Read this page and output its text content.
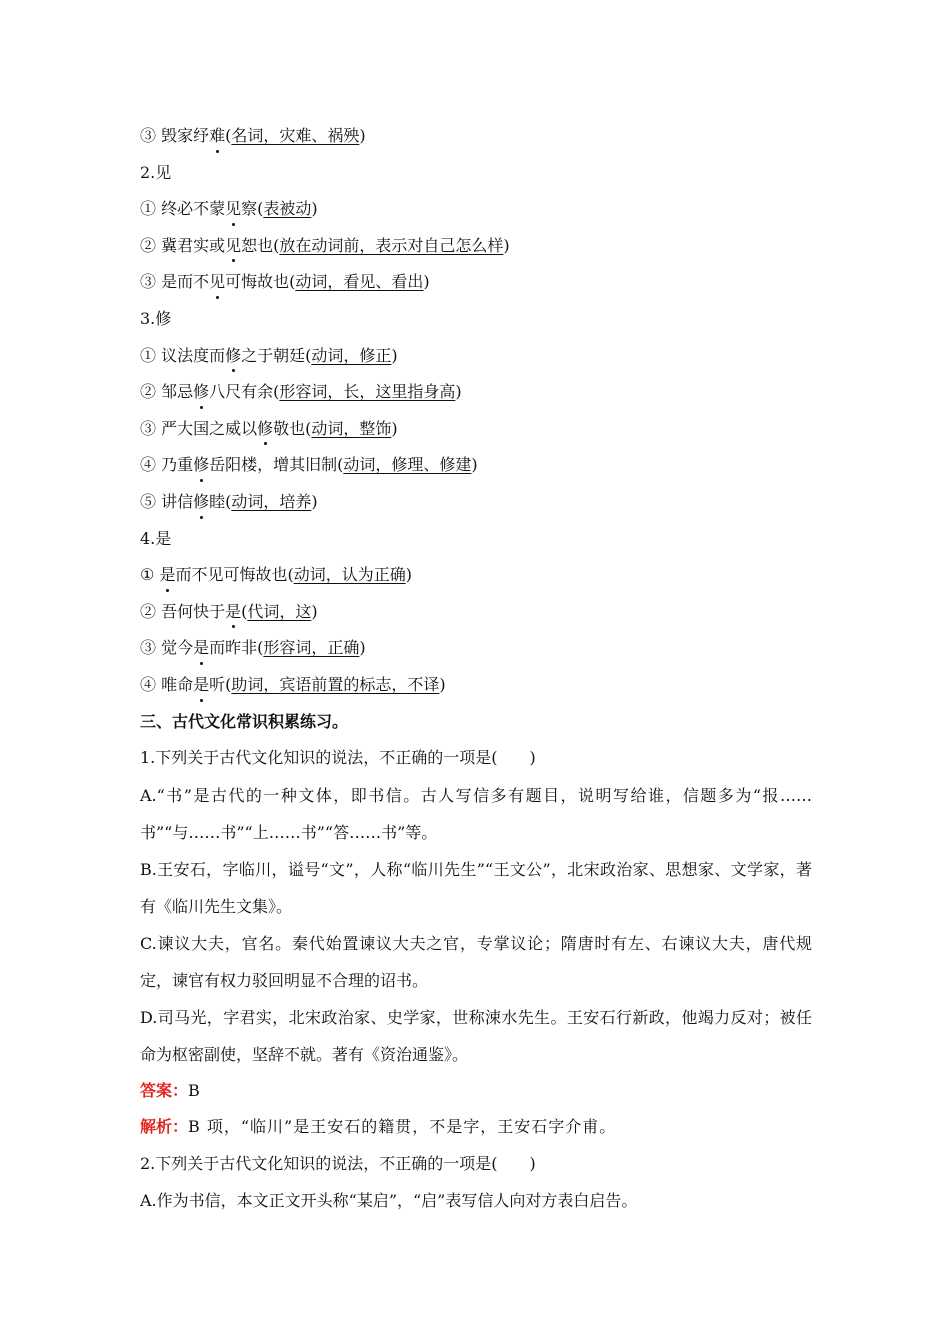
③ 毁家纾难(名词，灾难、祸殃)
2.见
① 终必不蒙见察(表被动)
② 冀君实或见恕也(放在动词前，表示对自己怎么样)
③ 是而不见可悔故也(动词，看见、看出)
3.修
① 议法度而修之于朝廷(动词，修正)
② 邹忌修八尺有余(形容词，长，这里指身高)
③ 严大国之威以修敬也(动词，整饰)
④ 乃重修岳阳楼，增其旧制(动词，修理、修建)
⑤ 讲信修睦(动词，培养)
4.是
① 是而不见可悔故也(动词，认为正确)
② 吾何快于是(代词，这)
③ 觉今是而昨非(形容词，正确)
④ 唯命是听(助词，宾语前置的标志，不译)
三、古代文化常识积累练习。
1.下列关于古代文化知识的说法，不正确的一项是(　　)

A.“书”是古代的一种文体，即书信。古人写信多有题目，说明写给谁，信题多为“报……书”“与……书”“上……书”“答……书”等。

B.王安石，字临川，谥号“文”，人称“临川先生”“王文公”，北宋政治家、思想家、文学家，著有《临川先生文集》。

C.谏议大夫，官名。秦代始置谏议大夫之官，专掌议论；隋唐时有左、右谏议大夫，唐代规定，谏官有权力驳回明显不合理的诏书。

D.司马光，字君实，北宋政治家、史学家，世称涑水先生。王安石行新政，他竭力反对；被任命为枢密副使，坚辞不就。著有《资治通鉴》。

答案：B
解析：B 项，“临川”是王安石的籍贯，不是字，王安石字介甫。
2.下列关于古代文化知识的说法，不正确的一项是(　　)

A.作为书信，本文正文开头称“某启”，“启”表写信人向对方表白启告。
